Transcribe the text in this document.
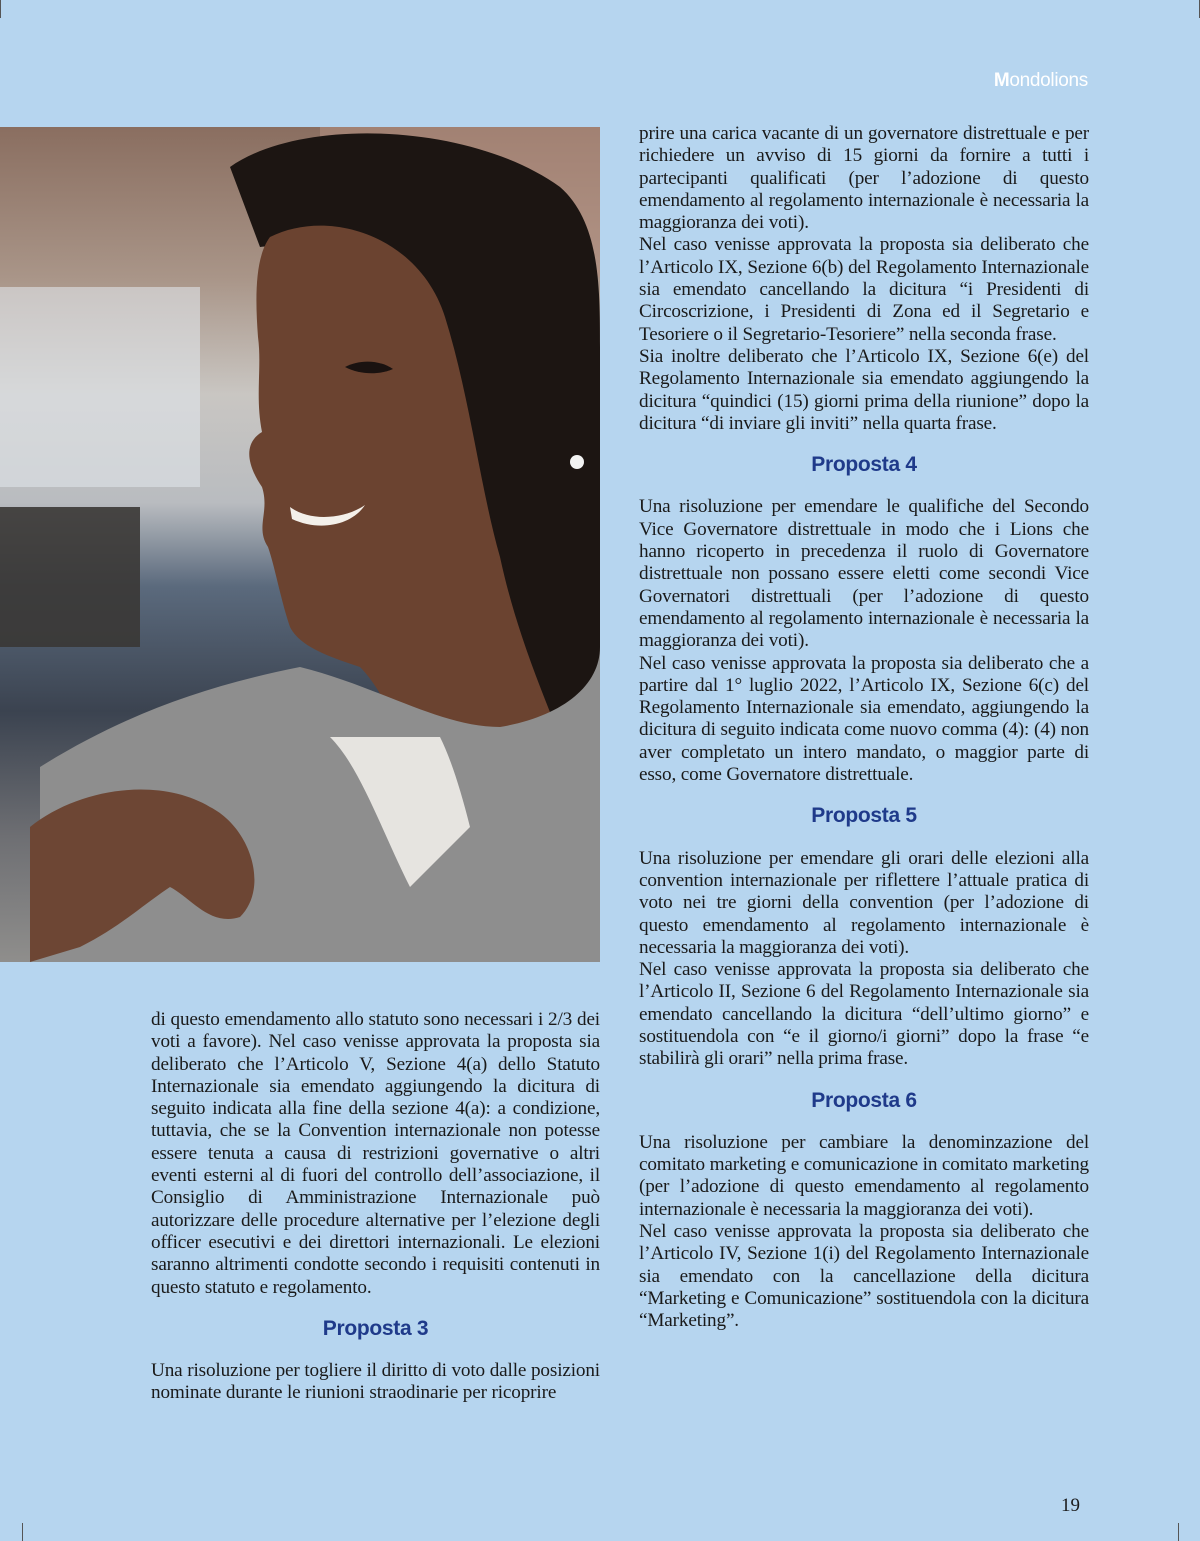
Mondolions

di questo emendamento allo statuto sono necessari i 2/3 dei voti a favore). Nel caso venisse approvata la proposta sia deliberato che l’Articolo V, Sezione 4(a) dello Statuto Internazionale sia emendato aggiungendo la dicitura di seguito indicata alla fine della sezione 4(a): a condizione, tuttavia, che se la Convention internazionale non potesse essere tenuta a causa di restrizioni governative o altri eventi esterni al di fuori del controllo dell’associazione, il Consiglio di Amministrazione Internazionale può autorizzare delle procedure alternative per l’elezione degli officer esecutivi e dei direttori internazionali. Le elezioni saranno altrimenti condotte secondo i requisiti contenuti in questo statuto e regolamento.

Proposta 3

Una risoluzione per togliere il diritto di voto dalle posizioni nominate durante le riunioni straodinarie per ricoprire

prire una carica vacante di un governatore distrettuale e per richiedere un avviso di 15 giorni da fornire a tutti i partecipanti qualificati (per l’adozione di questo emendamento al regolamento internazionale è necessaria la maggioranza dei voti).

Nel caso venisse approvata la proposta sia deliberato che l’Articolo IX, Sezione 6(b) del Regolamento Internazionale sia emendato cancellando la dicitura “i Presidenti di Circoscrizione, i Presidenti di Zona ed il Segretario e Tesoriere o il Segretario-Tesoriere” nella seconda frase.

Sia inoltre deliberato che l’Articolo IX, Sezione 6(e) del Regolamento Internazionale sia emendato aggiungendo la dicitura “quindici (15) giorni prima della riunione” dopo la dicitura “di inviare gli inviti” nella quarta frase.

Proposta 4

Una risoluzione per emendare le qualifiche del Secondo Vice Governatore distrettuale in modo che i Lions che hanno ricoperto in precedenza il ruolo di Governatore distrettuale non possano essere eletti come secondi Vice Governatori distrettuali (per l’adozione di questo emendamento al regolamento internazionale è necessaria la maggioranza dei voti).

Nel caso venisse approvata la proposta sia deliberato che a partire dal 1° luglio 2022, l’Articolo IX, Sezione 6(c) del Regolamento Internazionale sia emendato, aggiungendo la dicitura di seguito indicata come nuovo comma (4): (4) non aver completato un intero mandato, o maggior parte di esso, come Governatore distrettuale.

Proposta 5

Una risoluzione per emendare gli orari delle elezioni alla convention internazionale per riflettere l’attuale pratica di voto nei tre giorni della convention (per l’adozione di questo emendamento al regolamento internazionale è necessaria la maggioranza dei voti).

Nel caso venisse approvata la proposta sia deliberato che l’Articolo II, Sezione 6 del Regolamento Internazionale sia emendato cancellando la dicitura “dell’ultimo giorno” e sostituendola con “e il giorno/i giorni” dopo la frase “e stabilirà gli orari” nella prima frase.

Proposta 6

Una risoluzione per cambiare la denominzazione del comitato marketing e comunicazione in comitato marketing (per l’adozione di questo emendamento al regolamento internazionale è necessaria la maggioranza dei voti).

Nel caso venisse approvata la proposta sia deliberato che l’Articolo IV, Sezione 1(i) del Regolamento Internazionale sia emendato con la cancellazione della dicitura “Marketing e Comunicazione” sostituendola con la dicitura “Marketing”.

19
